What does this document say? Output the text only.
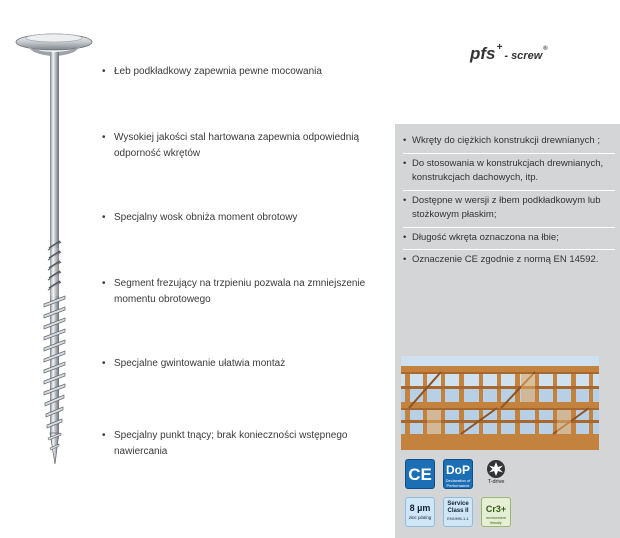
• Łeb podkładkowy zapewnia pewne mocowania
• Wysokiej jakości stal hartowana zapewnia odpowiednią odporność wkrętów
• Specjalny wosk obniża moment obrotowy
• Segment frezujący na trzpieniu pozwala na zmniejszenie momentu obrotowego
• Specjalne gwintowanie ułatwia montaż
• Specjalny punkt tnący; brak konieczności wstępnego nawiercania
pfs+- screw®
• Wkręty do ciężkich konstrukcji drewnianych ;
• Do stosowania w konstrukcjach drewnianych, konstrukcjach dachowych, itp.
• Dostępne w wersji z łbem podkładkowym lub stożkowym płaskim;
• Długość wkręta oznaczona na łbie;
• Oznaczenie CE zgodnie z normą EN 14592.
CE DoP
Declaration of Performance
T-drive
8 µm
zinc plating
Service Class II
EN1995-1-1
Cr3+
environment friendly
